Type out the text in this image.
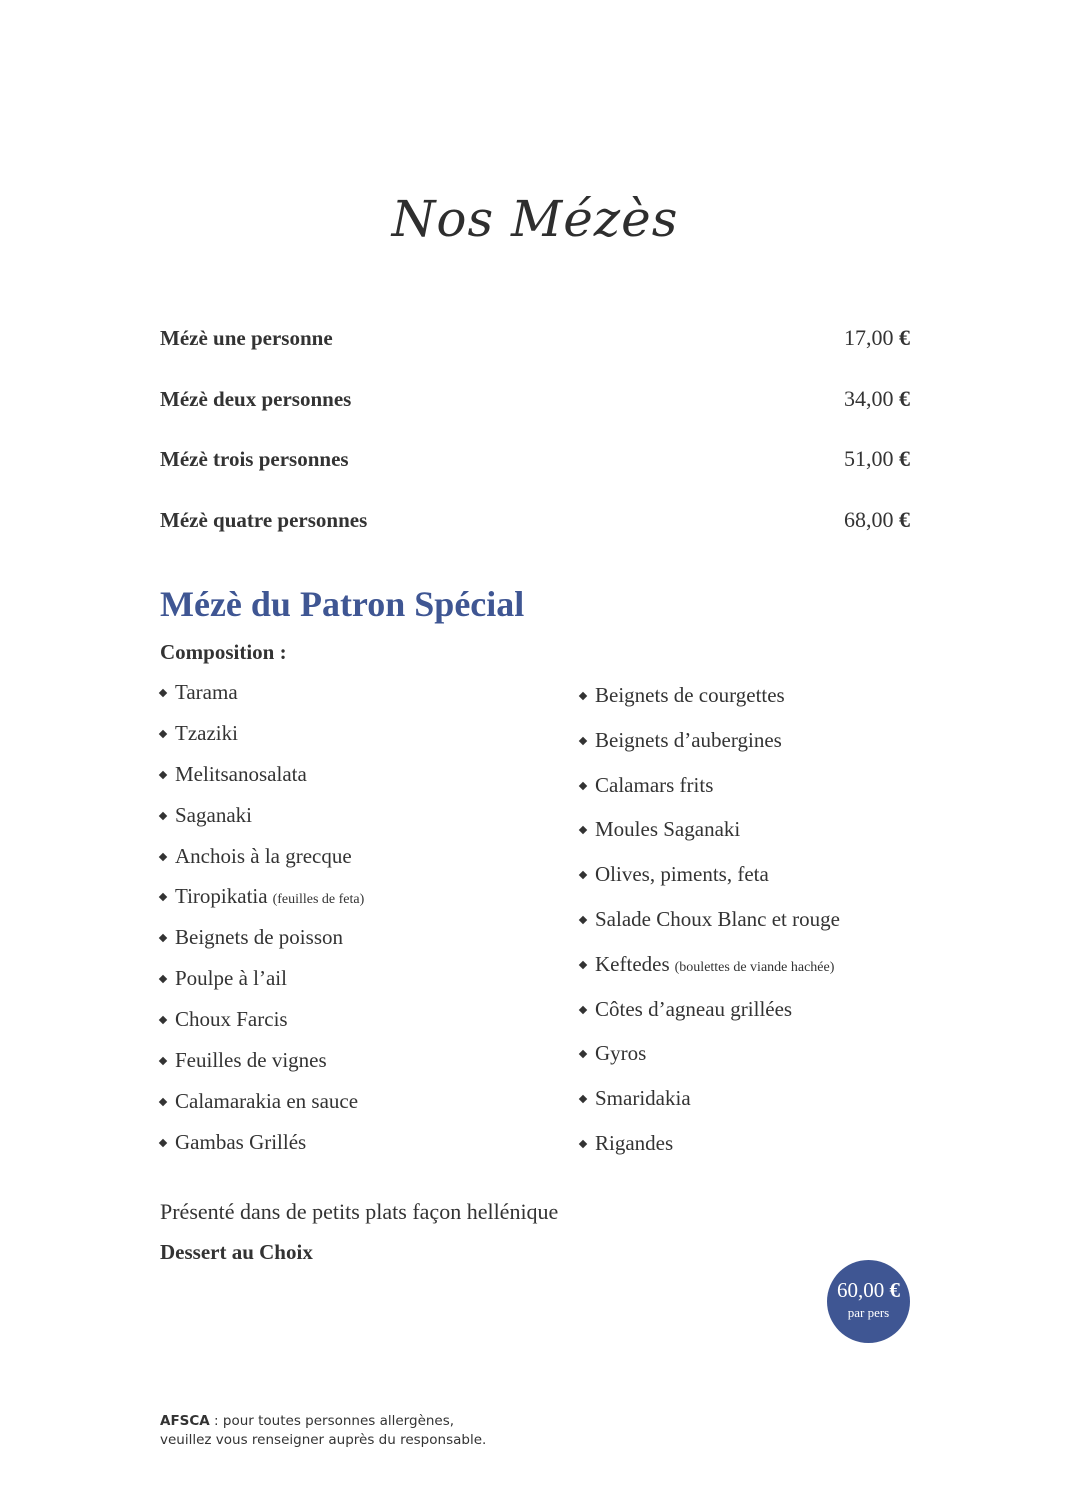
Nos Mézès
Mézè une personne	17,00 €
Mézè deux personnes	34,00 €
Mézè trois personnes	51,00 €
Mézè quatre personnes	68,00 €
Mézè du Patron Spécial
Composition :
Tarama
Tzaziki
Melitsanosalata
Saganaki
Anchois à la grecque
Tiropikatia (feuilles de feta)
Beignets de poisson
Poulpe à l’ail
Choux Farcis
Feuilles de vignes
Calamarakia en sauce
Gambas Grillés
Beignets de courgettes
Beignets d’aubergines
Calamars frits
Moules Saganaki
Olives, piments, feta
Salade Choux Blanc et rouge
Keftedes (boulettes de viande hachée)
Côtes d’agneau grillées
Gyros
Smaridakia
Rigandes
Présenté dans de petits plats façon hellénique
Dessert au Choix
60,00 €
par pers
AFSCA : pour toutes personnes allergènes,
veuillez vous renseigner auprès du responsable.
